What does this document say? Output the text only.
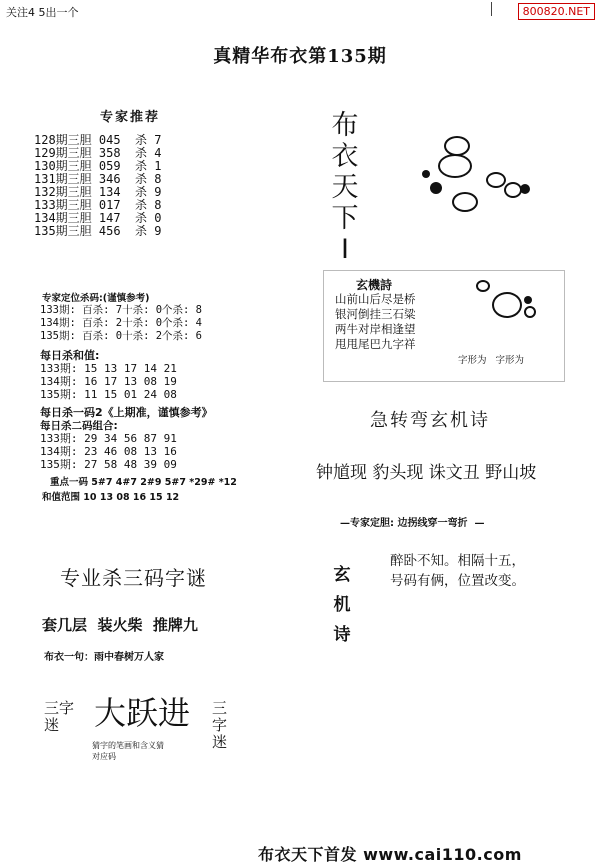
关注4 5出一个	800820.NET
真精华布衣第135期
专家推荐
128期三胆 045  杀 7
129期三胆 358  杀 4
130期三胆 059  杀 1
131期三胆 346  杀 8
132期三胆 134  杀 9
133期三胆 017  杀 8
134期三胆 147  杀 0
135期三胆 456  杀 9
专家定位杀码:(谨慎参考)
133期: 百杀: 7十杀: 0个杀: 8
134期: 百杀: 2十杀: 0个杀: 4
135期: 百杀: 0十杀: 2个杀: 6
每日杀和值:
133期: 15 13 17 14 21
134期: 16 17 13 08 19
135期: 11 15 01 24 08
每日杀一码2《上期准，谨慎参考》
每日杀二码组合:
133期: 29 34 56 87 91
134期: 23 46 08 13 16
135期: 27 58 48 39 09
重点一码 5#7 4#7 2#9 5#7 *29# *12
和值范围 10 13 08 16 15 12
专业杀三码字谜
套几层  装火柴  推牌九
布衣一句：雨中春树万人家
三字迷	大跃进 三字迷
猜字的笔画和含义猜
对应码
布衣天下I
玄機詩
山前山后尽是桥
银河倒挂三石粱
两牛对岸相逢望
甩甩尾巴九字祥
字形为   字形为
急转弯玄机诗
钟馗现 豹头现 诛文丑 野山坡
—专家定胆: 边拐线穿一弯折  —
玄机诗
醉卧不知。相隔十五，
号码有俩，位置改变。
布衣天下首发 www.cai110.com
